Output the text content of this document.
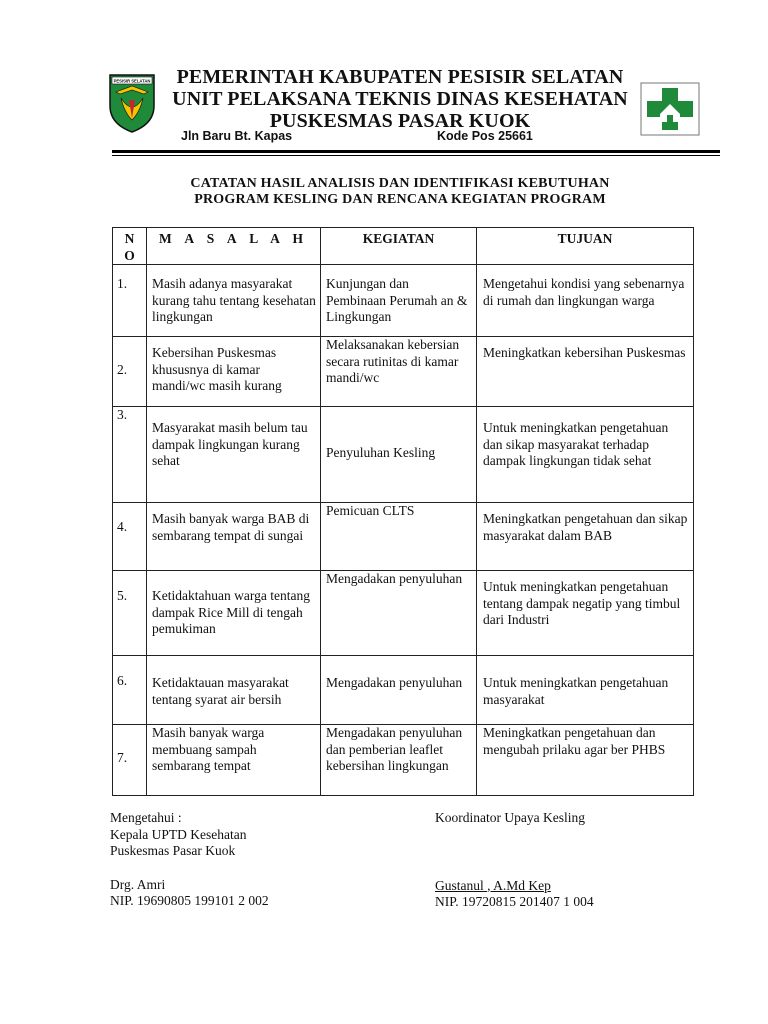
PESISIR SELATAN	PEMERINTAH KABUPATEN PESISIR SELATAN
UNIT PELAKSANA TEKNIS DINAS KESEHATAN
PUSKESMAS PASAR KUOK
Jln Baru Bt. Kapas	Kode Pos 25661
CATATAN HASIL ANALISIS DAN IDENTIFIKASI KEBUTUHAN
PROGRAM KESLING DAN RENCANA KEGIATAN PROGRAM
N
O	M A S A L A H	KEGIATAN	TUJUAN
1.	Masih adanya masyarakat kurang tahu tentang kesehatan lingkungan	Kunjungan dan Pembinaan Perumah an & Lingkungan	Mengetahui kondisi yang sebenarnya di rumah dan lingkungan warga
2.	Kebersihan Puskesmas khususnya di kamar mandi/wc masih kurang	Melaksanakan kebersian secara rutinitas di kamar mandi/wc	Meningkatkan kebersihan Puskesmas
3.	Masyarakat masih belum tau dampak lingkungan kurang sehat	Penyuluhan Kesling	Untuk meningkatkan pengetahuan dan sikap masyarakat terhadap dampak lingkungan tidak sehat
4.	Masih banyak warga BAB di sembarang tempat di sungai	Pemicuan CLTS	Meningkatkan pengetahuan dan sikap masyarakat dalam BAB
5.	Ketidaktahuan warga tentang dampak Rice Mill di tengah pemukiman	Mengadakan penyuluhan	Untuk meningkatkan pengetahuan tentang dampak negatip yang timbul dari Industri
6.	Ketidaktauan masyarakat tentang syarat air bersih	Mengadakan penyuluhan	Untuk meningkatkan pengetahuan masyarakat
7.	Masih banyak warga membuang sampah sembarang tempat	Mengadakan penyuluhan dan pemberian leaflet kebersihan lingkungan	Meningkatkan pengetahuan dan mengubah prilaku agar ber PHBS
Mengetahui :
Kepala UPTD Kesehatan
Puskesmas Pasar Kuok
Drg. Amri
NIP. 19690805 199101 2 002
Koordinator Upaya Kesling
Gustanul , A.Md Kep
NIP. 19720815 201407 1 004
